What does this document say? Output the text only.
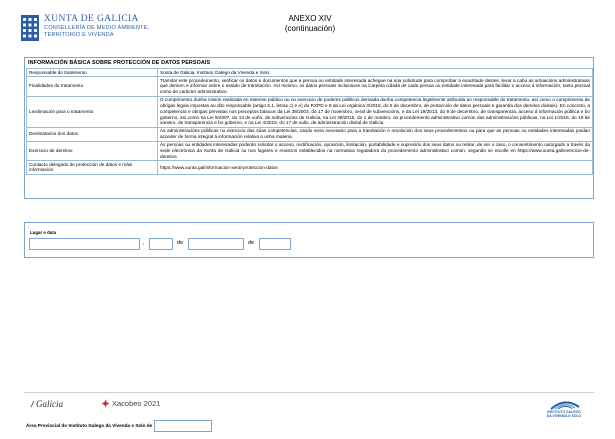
XUNTA DE GALICIA
CONSELLERÍA DE MEDIO AMBIENTE,
TERRITORIO E VIVENDA
ANEXO XIV
(continuación)
INFORMACIÓN BÁSICA SOBRE PROTECCIÓN DE DATOS PERSOAIS
Responsable do tratamento	Xunta de Galicia. Instituto Galego da Vivenda e Solo.
Finalidades do tratamento	Tramitar este procedemento, verificar os datos e documentos que a persoa ou entidade interesada achegue na súa solicitude para comprobar a exactitude destes, levar a cabo as actuacións administrativas que deriven e informar sobre o estado de tramitación. Así mesmo, os datos persoais incluiranse na Carpeta cidadá de cada persoa ou entidade interesada para facilitar o acceso á información, tanto persoal como de carácter administrativo.
Lexitimación para o tratamento	O cumprimento dunha misión realizada en interese público ou no exercicio de poderes públicos derivada dunha competencia legalmente atribuída ao responsable do tratamento, así como o cumprimento de obrigas legais impostas ao dito responsable (artigo 6.1, letras c) e e) do RXPD e 8 da Lei orgánica 3/2018, do 5 de decembro, de protección de datos persoais e garantía dos dereitos dixitais). En concreto, a competencia e obrigas previstas nos preceptos básicos da Lei 38/2003, do 17 de novembro, xeral de subvencións, e da Lei 19/2013, do 9 de decembro, de transparencia, acceso á información pública e bo goberno, así como na Lei 9/2007, do 13 de xuño, de subvencións de Galicia, na Lei 39/2015, do 1 de outubro, do procedemento administrativo común das administracións públicas, na Lei 1/2016, do 18 de xaneiro, de transparencia e bo goberno, e na Lei 4/2019, do 17 de xullo, de administración dixital de Galicia.
Destinatarios dos datos	As administracións públicas no exercicio das súas competencias, cando sexa necesario para a tramitación e resolución dos seus procedementos ou para que as persoas ou entidades interesadas poidan acceder de forma integral á información relativa a unha materia.
Exercicio de dereitos	As persoas ou entidades interesadas poderán solicitar o acceso, rectificación, oposición, limitación, portabilidade e supresión dos seus datos ou retirar, de ser o caso, o consentimento outorgado a través da sede electrónica da Xunta de Galicia ou nos lugares e rexistros establecidos na normativa reguladora do procedemento administrativo común, segundo se recolle en https://www.xunta.gal/exercicio-de-dereitos
Contacto delegado de protección de datos e máis información	https://www.xunta.gal/informacion-xeral-proteccion-datos
Lugar e data
,	de	de
Galicia	Xacobeo 2021
INSTITUTO GALEGO
DA VIVENDA E SOLO
Área Provincial do Instituto Galego da Vivenda e Solo de
